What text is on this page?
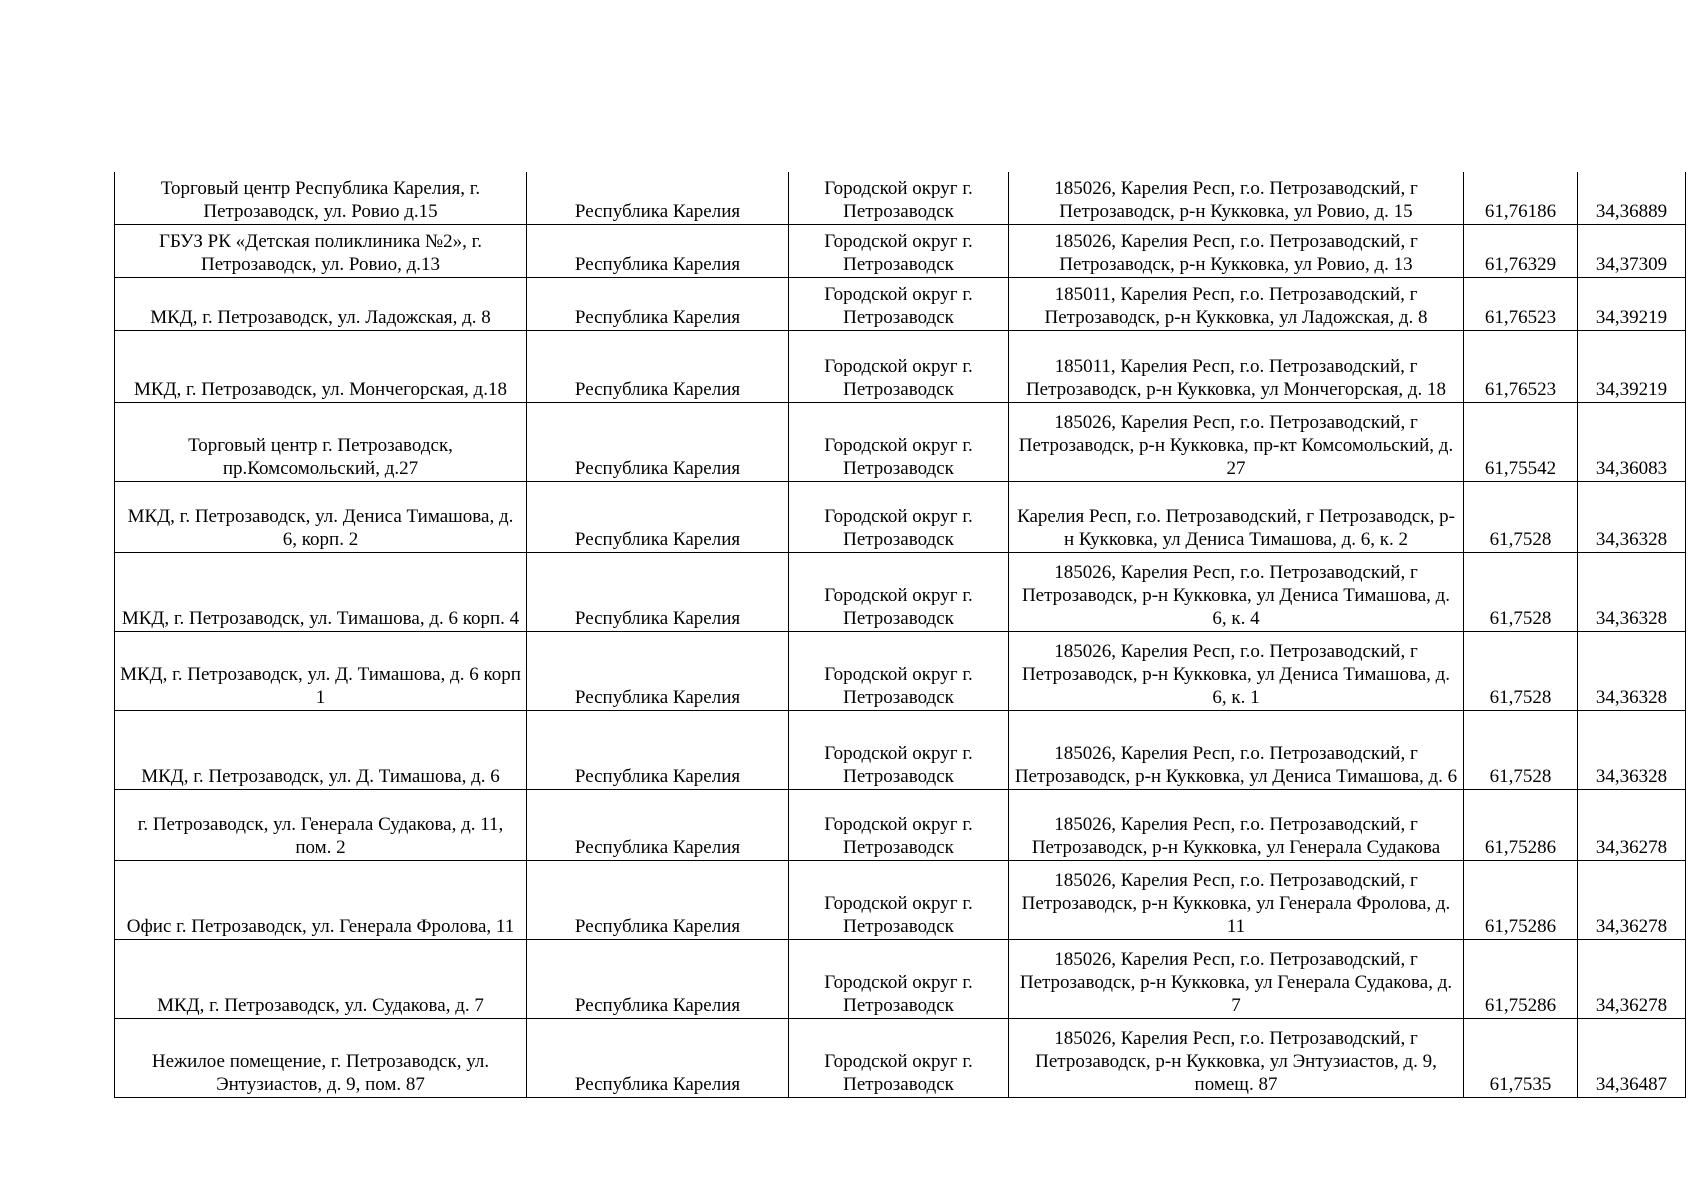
Торговый центр Республика Карелия, г. Петрозаводск, ул. Ровио д.15	Республика Карелия	Городской округ г. Петрозаводск	185026, Карелия Респ, г.о. Петрозаводский, г Петрозаводск, р-н Кукковка, ул Ровио, д. 15	61,76186	34,36889
ГБУЗ РК «Детская поликлиника №2», г. Петрозаводск, ул. Ровио, д.13	Республика Карелия	Городской округ г. Петрозаводск	185026, Карелия Респ, г.о. Петрозаводский, г Петрозаводск, р-н Кукковка, ул Ровио, д. 13	61,76329	34,37309
МКД, г. Петрозаводск, ул. Ладожская, д. 8	Республика Карелия	Городской округ г. Петрозаводск	185011, Карелия Респ, г.о. Петрозаводский, г Петрозаводск, р-н Кукковка, ул Ладожская, д. 8	61,76523	34,39219
МКД, г. Петрозаводск, ул. Мончегорская, д.18	Республика Карелия	Городской округ г. Петрозаводск	185011, Карелия Респ, г.о. Петрозаводский, г Петрозаводск, р-н Кукковка, ул Мончегорская, д. 18	61,76523	34,39219
Торговый центр г. Петрозаводск, пр.Комсомольский, д.27	Республика Карелия	Городской округ г. Петрозаводск	185026, Карелия Респ, г.о. Петрозаводский, г Петрозаводск, р-н Кукковка, пр-кт Комсомольский, д. 27	61,75542	34,36083
МКД, г. Петрозаводск, ул. Дениса Тимашова, д. 6, корп. 2	Республика Карелия	Городской округ г. Петрозаводск	Карелия Респ, г.о. Петрозаводский, г Петрозаводск, р-н Кукковка, ул Дениса Тимашова, д. 6, к. 2	61,7528	34,36328
МКД, г. Петрозаводск, ул. Тимашова, д. 6 корп. 4	Республика Карелия	Городской округ г. Петрозаводск	185026, Карелия Респ, г.о. Петрозаводский, г Петрозаводск, р-н Кукковка, ул Дениса Тимашова, д. 6, к. 4	61,7528	34,36328
МКД, г. Петрозаводск, ул. Д. Тимашова, д. 6 корп 1	Республика Карелия	Городской округ г. Петрозаводск	185026, Карелия Респ, г.о. Петрозаводский, г Петрозаводск, р-н Кукковка, ул Дениса Тимашова, д. 6, к. 1	61,7528	34,36328
МКД, г. Петрозаводск, ул. Д. Тимашова, д. 6	Республика Карелия	Городской округ г. Петрозаводск	185026, Карелия Респ, г.о. Петрозаводский, г Петрозаводск, р-н Кукковка, ул Дениса Тимашова, д. 6	61,7528	34,36328
г. Петрозаводск, ул. Генерала Судакова, д. 11, пом. 2	Республика Карелия	Городской округ г. Петрозаводск	185026, Карелия Респ, г.о. Петрозаводский, г Петрозаводск, р-н Кукковка, ул Генерала Судакова	61,75286	34,36278
Офис г. Петрозаводск, ул. Генерала Фролова, 11	Республика Карелия	Городской округ г. Петрозаводск	185026, Карелия Респ, г.о. Петрозаводский, г Петрозаводск, р-н Кукковка, ул Генерала Фролова, д. 11	61,75286	34,36278
МКД, г. Петрозаводск, ул. Судакова, д. 7	Республика Карелия	Городской округ г. Петрозаводск	185026, Карелия Респ, г.о. Петрозаводский, г Петрозаводск, р-н Кукковка, ул Генерала Судакова, д. 7	61,75286	34,36278
Нежилое помещение, г. Петрозаводск, ул. Энтузиастов, д. 9, пом. 87	Республика Карелия	Городской округ г. Петрозаводск	185026, Карелия Респ, г.о. Петрозаводский, г Петрозаводск, р-н Кукковка, ул Энтузиастов, д. 9, помещ. 87	61,7535	34,36487
